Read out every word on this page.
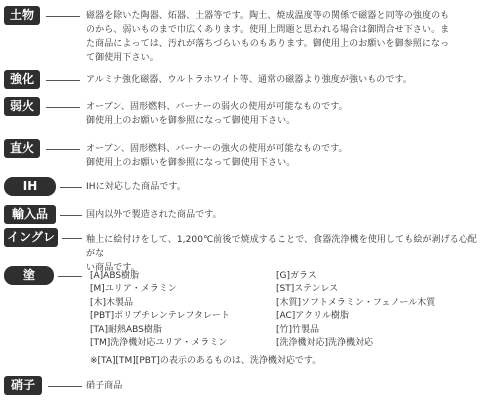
土物	磁器を除いた陶器、炻器、土器等です。陶土、焼成温度等の関係で磁器と同等の強度のも

のから、弱いものまで巾広くあります。使用上問題と思われる場合は御問合せ下さい。ま

た商品によっては、汚れが落ちづらいものもあります。御使用上のお願いを御参照になっ

て御使用下さい。

強化	アルミナ強化磁器、ウルトラホワイト等、通常の磁器より強度が強いものです。

弱火	オーブン、固形燃料、バーナーの弱火の使用が可能なものです。

御使用上のお願いを御参照になって御使用下さい。

直火	オーブン、固形燃料、バーナーの強火の使用が可能なものです。

御使用上のお願いを御参照になって御使用下さい。

IH	IHに対応した商品です。

輸入品	国内以外で製造された商品です。

イングレ	釉上に絵付けをして、1,200℃前後で焼成することで、食器洗浄機を使用しても絵が剥げる心配がな

い商品です。

塗	[A]ABS樹脂
[M]ユリア・メラミン
[木]木製品
[PBT]ポリブチレンテレフタレート
[TA]耐熱ABS樹脂
[TM]洗浄機対応ユリア・メラミン
[G]ガラス
[ST]ステンレス
[木質]ソフトメラミン・フェノール木質
[AC]アクリル樹脂
[竹]竹製品
[洗浄機対応]洗浄機対応
※[TA][TM][PBT]の表示のあるものは、洗浄機対応です。
硝子	硝子商品
